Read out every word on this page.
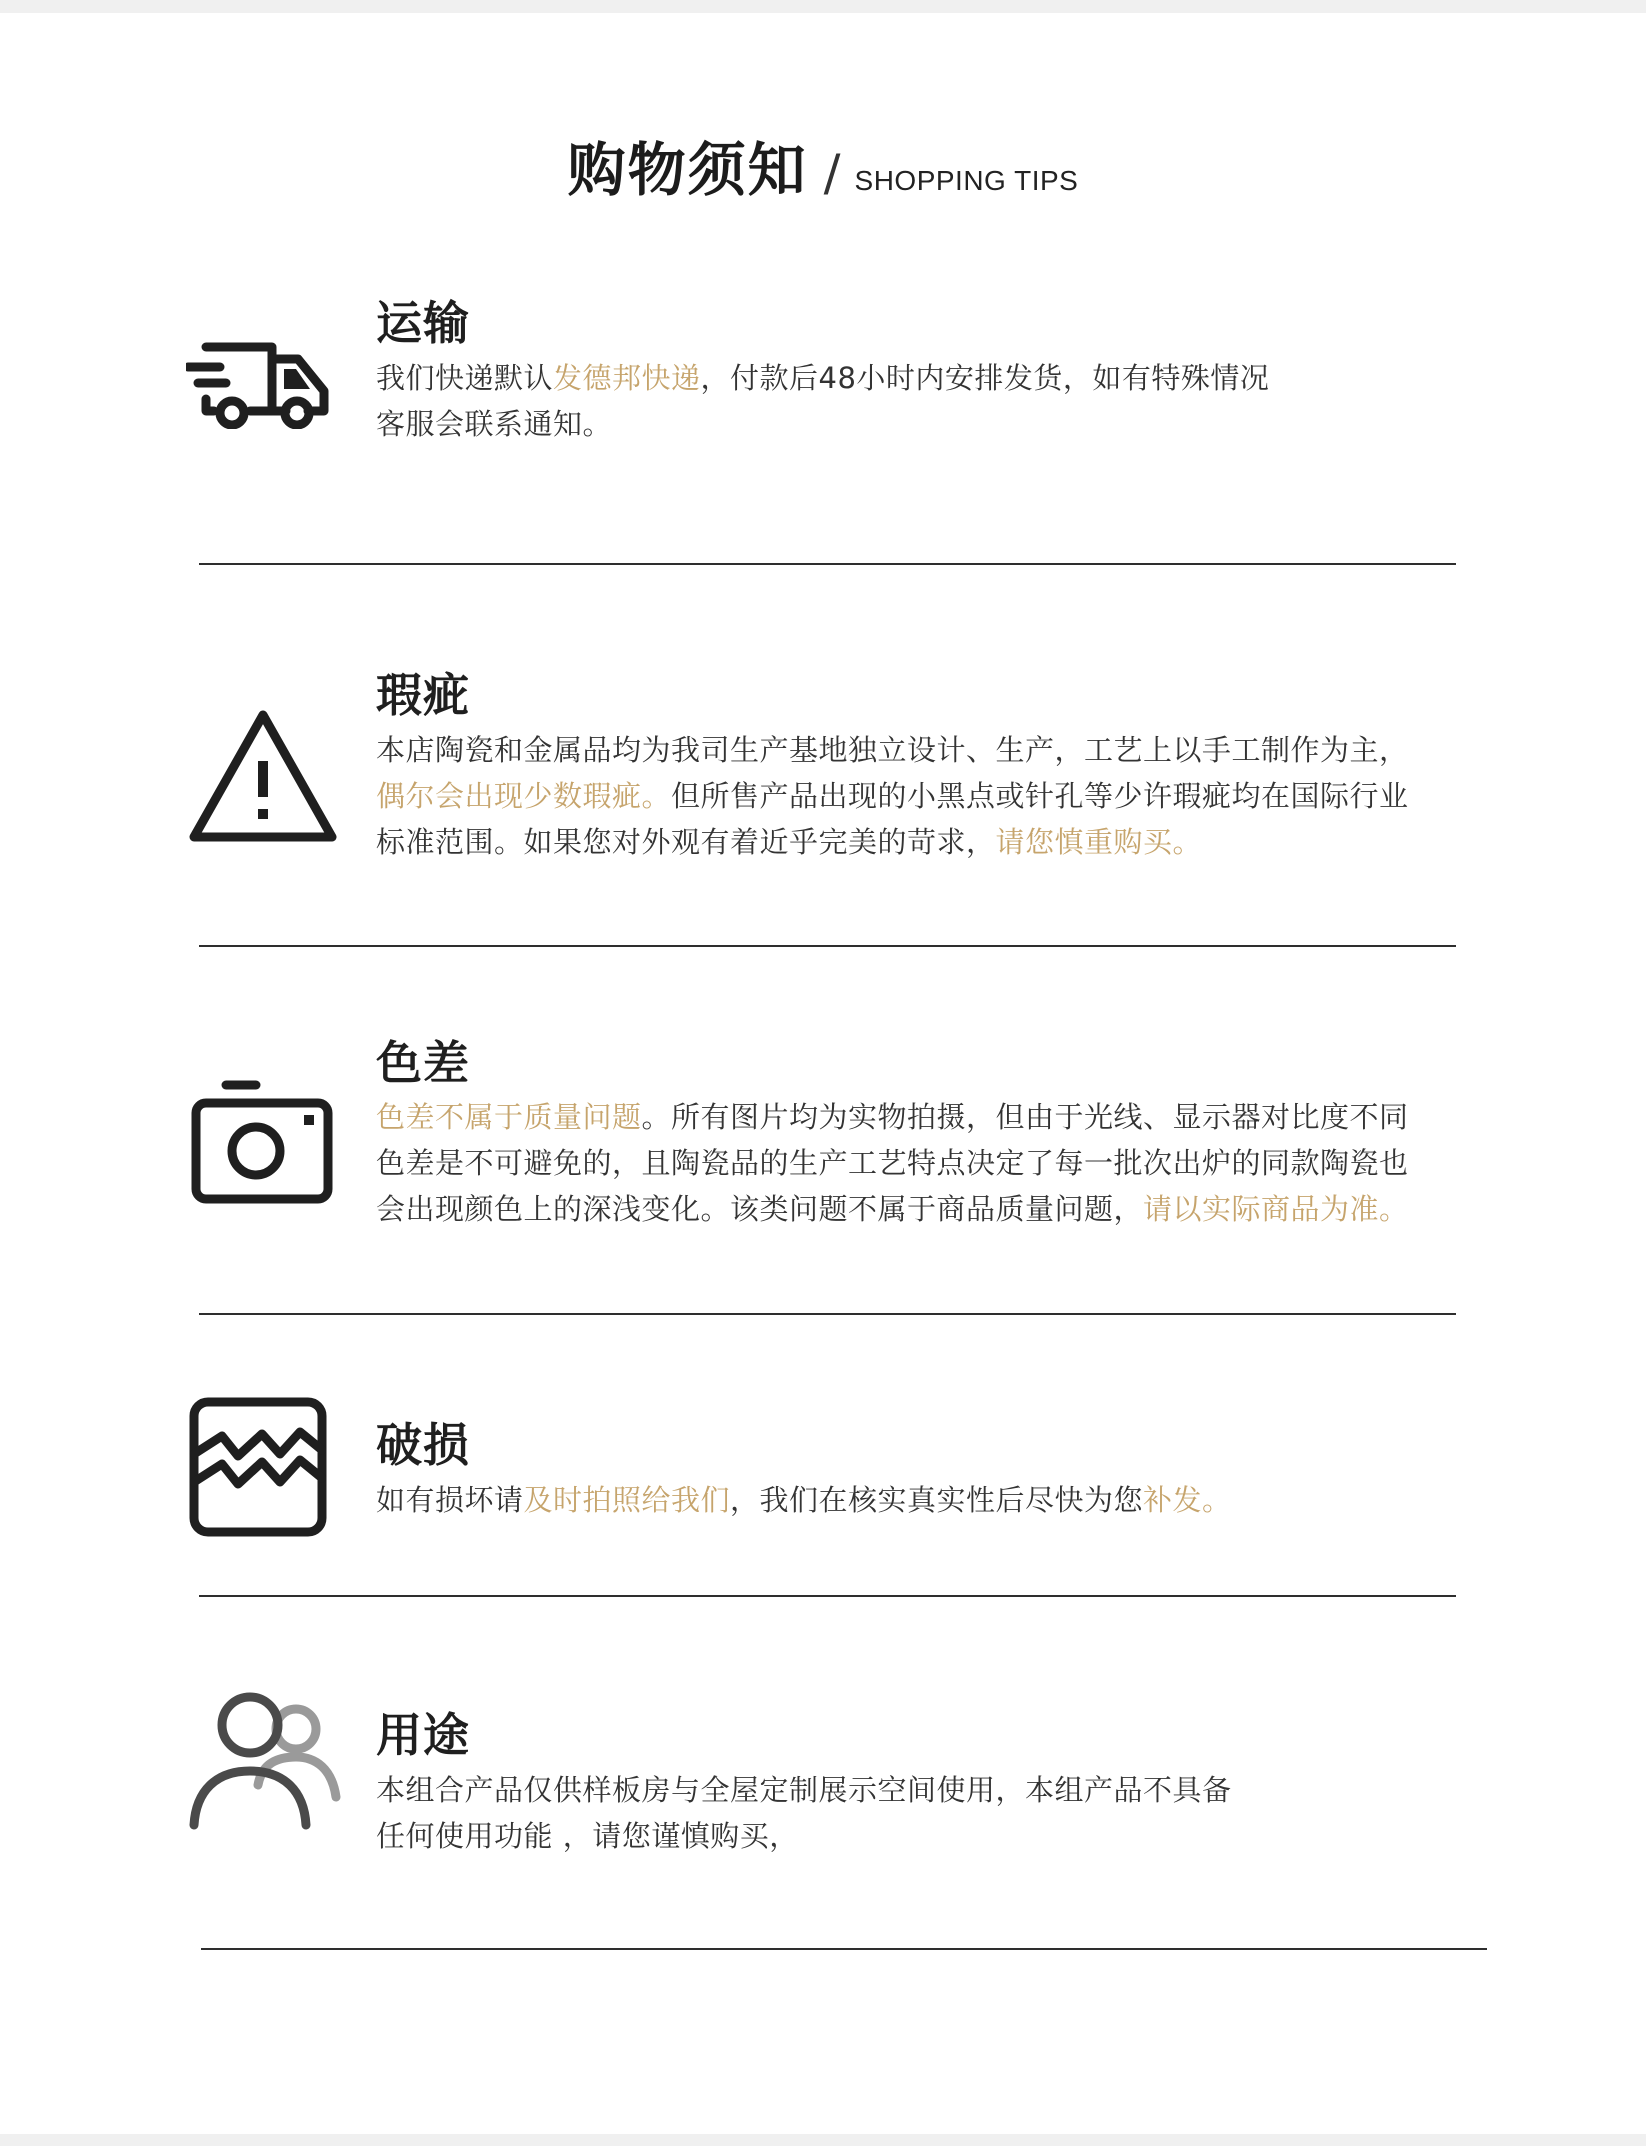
购物须知 / SHOPPING TIPS
运输

我们快递默认发德邦快递，付款后48小时内安排发货，如有特殊情况
客服会联系通知。

瑕疵

本店陶瓷和金属品均为我司生产基地独立设计、生产，工艺上以手工制作为主，
偶尔会出现少数瑕疵。但所售产品出现的小黑点或针孔等少许瑕疵均在国际行业
标准范围。如果您对外观有着近乎完美的苛求，请您慎重购买。

色差

色差不属于质量问题。所有图片均为实物拍摄，但由于光线、显示器对比度不同
色差是不可避免的，且陶瓷品的生产工艺特点决定了每一批次出炉的同款陶瓷也
会出现颜色上的深浅变化。该类问题不属于商品质量问题，请以实际商品为准。

破损

如有损坏请及时拍照给我们，我们在核实真实性后尽快为您补发。

用途

本组合产品仅供样板房与全屋定制展示空间使用，本组产品不具备
任何使用功能 ，请您谨慎购买，
